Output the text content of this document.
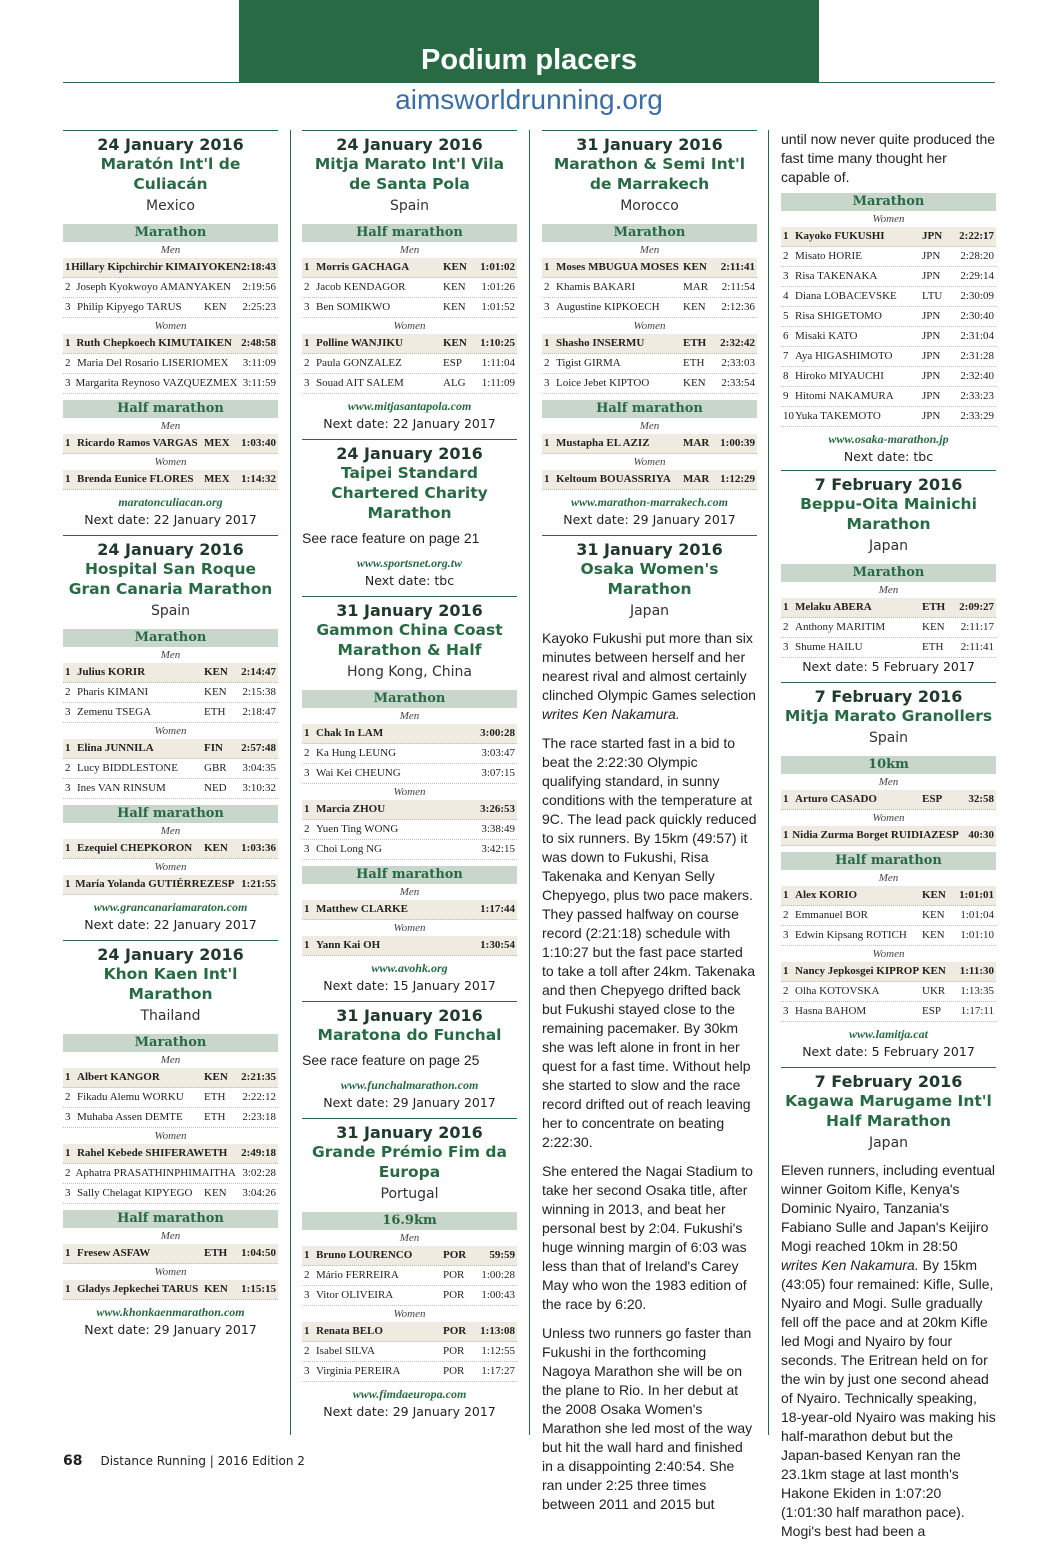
Podium placers
aimsworldrunning.org
24 January 2016
Maratón Int'l de Culiacán
Mexico
Marathon
Men
1 Hillary Kipchirchir KIMAIYO KEN 2:18:43
2 Joseph Kyokwoyo AMANYA KEN	2:19:56
3 Philip Kipyego TARUS	KEN	2:25:23
Women
1 Ruth Chepkoech KIMUTAI KEN 2:48:58
2 Maria Del Rosario LISERIO MEX	3:11:09
3 Margarita Reynoso VAZQUEZ MEX 3:11:59
Half marathon
Men
1 Ricardo Ramos VARGAS MEX	1:03:40
Women
1 Brenda Eunice FLORES MEX	1:14:32
maratonculiacan.org
Next date: 22 January 2017
24 January 2016
Hospital San Roque Gran Canaria Marathon
Spain
Marathon
Men
1 Julius KORIR	KEN	2:14:47
2 Pharis KIMANI	KEN	2:15:38
3 Zemenu TSEGA	ETH	2:18:47
Women
1 Elina JUNNILA	FIN	2:57:48
2 Lucy BIDDLESTONE	GBR	3:04:35
3 Ines VAN RINSUM	NED	3:10:32
Half marathon
Men
1 Ezequiel CHEPKORON	KEN	1:03:36
Women
1 María Yolanda GUTIÉRREZ ESP 1:21:55
www.grancanariamaraton.com
Next date: 22 January 2017
24 January 2016
Khon Kaen Int'l Marathon
Thailand
Marathon
Men
1 Albert KANGOR	KEN	2:21:35
2 Fikadu Alemu WORKU	ETH	2:22:12
3 Muhaba Assen DEMTE	ETH	2:23:18
Women
1 Rahel Kebede SHIFERAW ETH	2:49:18
2 Aphatra PRASATHINPHIMAI THA 3:02:28
3 Sally Chelagat KIPYEGO	KEN	3:04:26
Half marathon
Men
1 Fresew ASFAW	ETH	1:04:50
Women
1 Gladys Jepkechei TARUS KEN	1:15:15
www.khonkaenmarathon.com
Next date: 29 January 2017
24 January 2016
Mitja Marato Int'l Vila de Santa Pola
Spain
Half marathon
Men
1 Morris GACHAGA	KEN	1:01:02
2 Jacob KENDAGOR	KEN	1:01:26
3 Ben SOMIKWO	KEN	1:01:52
Women
1 Polline WANJIKU	KEN	1:10:25
2 Paula GONZALEZ	ESP	1:11:04
3 Souad AIT SALEM	ALG	1:11:09
www.mitjasantapola.com
Next date: 22 January 2017
24 January 2016
Taipei Standard Chartered Charity Marathon
See race feature on page 21
www.sportsnet.org.tw
Next date: tbc
31 January 2016
Gammon China Coast Marathon & Half
Hong Kong, China
Marathon
Men
1 Chak In LAM	3:00:28
2 Ka Hung LEUNG	3:03:47
3 Wai Kei CHEUNG	3:07:15
Women
1 Marcia ZHOU	3:26:53
2 Yuen Ting WONG	3:38:49
3 Choi Long NG	3:42:15
Half marathon
Men
1 Matthew CLARKE	1:17:44
Women
1 Yann Kai OH	1:30:54
www.avohk.org
Next date: 15 January 2017
31 January 2016
Maratona do Funchal
See race feature on page 25
www.funchalmarathon.com
Next date: 29 January 2017
31 January 2016
Grande Prémio Fim da Europa
Portugal
16.9km
Men
1 Bruno LOURENCO	POR	59:59
2 Mário FERREIRA	POR	1:00:28
3 Vitor OLIVEIRA	POR	1:00:43
Women
1 Renata BELO	POR	1:13:08
2 Isabel SILVA	POR	1:12:55
3 Virginia PEREIRA	POR	1:17:27
www.fimdaeuropa.com
Next date: 29 January 2017
31 January 2016
Marathon & Semi Int'l de Marrakech
Morocco
Marathon
Men
1 Moses MBUGUA MOSES KEN	2:11:41
2 Khamis BAKARI	MAR	2:11:54
3 Augustine KIPKOECH	KEN	2:12:36
Women
1 Shasho INSERMU	ETH	2:32:42
2 Tigist GIRMA	ETH	2:33:03
3 Loice Jebet KIPTOO	KEN	2:33:54
Half marathon
Men
1 Mustapha EL AZIZ	MAR 1:00:39
Women
1 Keltoum BOUASSRIYA	MAR 1:12:29
www.marathon-marrakech.com
Next date: 29 January 2017
31 January 2016
Osaka Women's Marathon
Japan

Kayoko Fukushi put more than six minutes between herself and her nearest rival and almost certainly clinched Olympic Games selection writes Ken Nakamura.

The race started fast in a bid to beat the 2:22:30 Olympic qualifying standard, in sunny conditions with the temperature at 9C. The lead pack quickly reduced to six runners. By 15km (49:57) it was down to Fukushi, Risa Takenaka and Kenyan Selly Chepyego, plus two pace makers. They passed halfway on course record (2:21:18) schedule with 1:10:27 but the fast pace started to take a toll after 24km. Takenaka and then Chepyego drifted back but Fukushi stayed close to the remaining pacemaker. By 30km she was left alone in front in her quest for a fast time. Without help she started to slow and the race record drifted out of reach leaving her to concentrate on beating 2:22:30.

She entered the Nagai Stadium to take her second Osaka title, after winning in 2013, and beat her personal best by 2:04. Fukushi's huge winning margin of 6:03 was less than that of Ireland's Carey May who won the 1983 edition of the race by 6:20.

Unless two runners go faster than Fukushi in the forthcoming Nagoya Marathon she will be on the plane to Rio. In her debut at the 2008 Osaka Women's Marathon she led most of the way but hit the wall hard and finished in a disappointing 2:40:54. She ran under 2:25 three times between 2011 and 2015 but

until now never quite produced the fast time many thought her capable of.

Marathon
Women
1 Kayoko FUKUSHI	JPN	2:22:17
2 Misato HORIE	JPN	2:28:20
3 Risa TAKENAKA	JPN	2:29:14
4 Diana LOBACEVSKE	LTU	2:30:09
5 Risa SHIGETOMO	JPN	2:30:40
6 Misaki KATO	JPN	2:31:04
7 Aya HIGASHIMOTO	JPN	2:31:28
8 Hiroko MIYAUCHI	JPN	2:32:40
9 Hitomi NAKAMURA	JPN	2:33:23
10 Yuka TAKEMOTO	JPN	2:33:29
www.osaka-marathon.jp
Next date: tbc
7 February 2016
Beppu-Oita Mainichi Marathon
Japan
Marathon
Men
1 Melaku ABERA	ETH	2:09:27
2 Anthony MARITIM	KEN	2:11:17
3 Shume HAILU	ETH	2:11:41
Next date: 5 February 2017
7 February 2016
Mitja Marato Granollers
Spain
10km
Men
1 Arturo CASADO	ESP	32:58
Women
1 Nidia Zurma Borget RUIDIAZ ESP 40:30
Half marathon
Men
1 Alex KORIO	KEN	1:01:01
2 Emmanuel BOR	KEN	1:01:04
3 Edwin Kipsang ROTICH	KEN	1:01:10
Women
1 Nancy Jepkosgei KIPROP KEN	1:11:30
2 Olha KOTOVSKA	UKR	1:13:35
3 Hasna BAHOM	ESP	1:17:11
www.lamitja.cat
Next date: 5 February 2017
7 February 2016
Kagawa Marugame Int'l Half Marathon
Japan

Eleven runners, including eventual winner Goitom Kifle, Kenya's Dominic Nyairo, Tanzania's Fabiano Sulle and Japan's Keijiro Mogi reached 10km in 28:50 writes Ken Nakamura. By 15km (43:05) four remained: Kifle, Sulle, Nyairo and Mogi. Sulle gradually fell off the pace and at 20km Kifle led Mogi and Nyairo by four seconds. The Eritrean held on for the win by just one second ahead of Nyairo. Technically speaking, 18-year-old Nyairo was making his half-marathon debut but the Japan-based Kenyan ran the 23.1km stage at last month's Hakone Ekiden in 1:07:20 (1:01:30 half marathon pace). Mogi's best had been a

68 Distance Running | 2016 Edition 2
